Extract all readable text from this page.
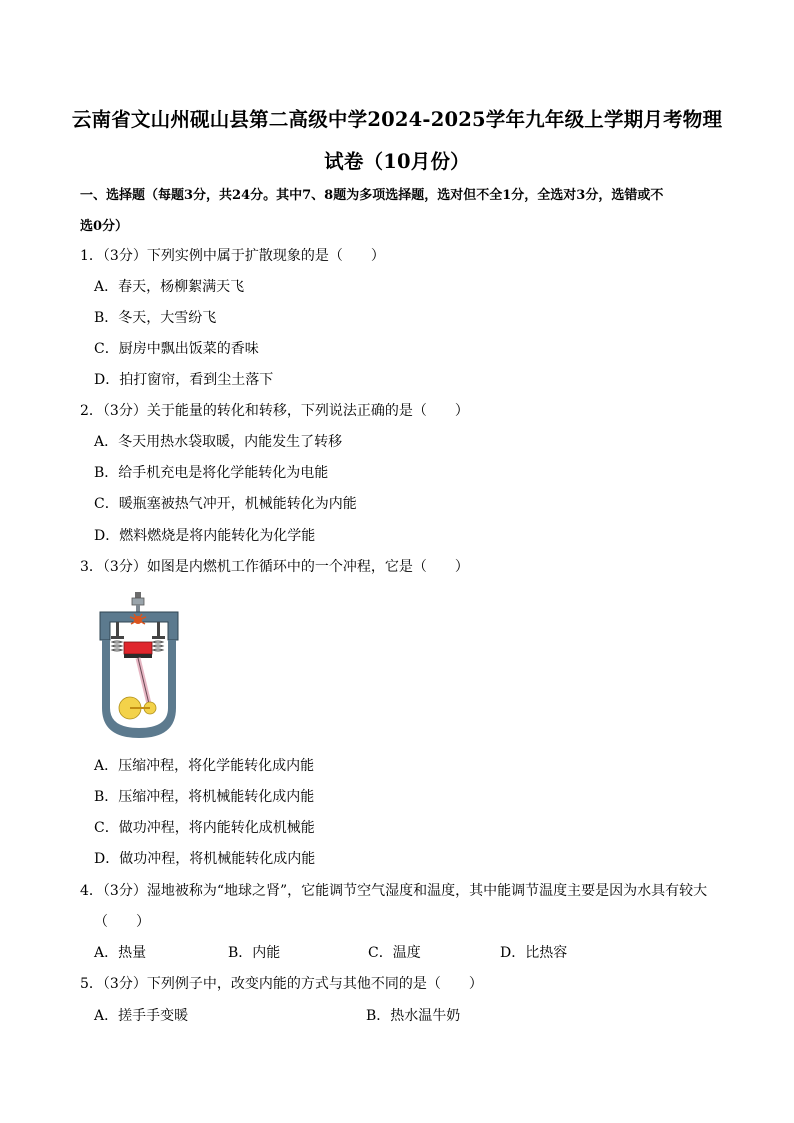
云南省文山州砚山县第二高级中学2024-2025学年九年级上学期月考物理
试卷（10月份）
一、选择题（每题3分，共24分。其中7、8题为多项选择题，选对但不全1分，全选对3分，选错或不
选0分）
1．（3分）下列实例中属于扩散现象的是（　　）
A．春天，杨柳絮满天飞
B．冬天，大雪纷飞
C．厨房中飘出饭菜的香味
D．拍打窗帘，看到尘土落下
2．（3分）关于能量的转化和转移，下列说法正确的是（　　）
A．冬天用热水袋取暖，内能发生了转移
B．给手机充电是将化学能转化为电能
C．暖瓶塞被热气冲开，机械能转化为内能
D．燃料燃烧是将内能转化为化学能
3．（3分）如图是内燃机工作循环中的一个冲程，它是（　　）
A．压缩冲程，将化学能转化成内能
B．压缩冲程，将机械能转化成内能
C．做功冲程，将内能转化成机械能
D．做功冲程，将机械能转化成内能
4．（3分）湿地被称为“地球之肾”，它能调节空气湿度和温度，其中能调节温度主要是因为水具有较大
（　　）
A．热量	B．内能	C．温度	D．比热容
5．（3分）下列例子中，改变内能的方式与其他不同的是（　　）
A．搓手手变暖	B．热水温牛奶
